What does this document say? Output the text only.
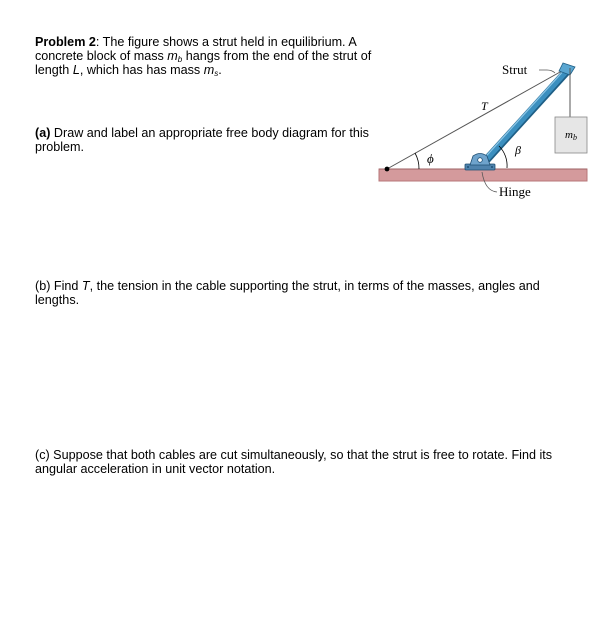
Problem 2: The figure shows a strut held in equilibrium. A concrete block of mass $m_b$ hangs from the end of the strut of length L, which has has mass $m_s$.
(a) Draw and label an appropriate free body diagram for this problem.
(b) Find T, the tension in the cable supporting the strut, in terms of the masses, angles and lengths.
(c) Suppose that both cables are cut simultaneously, so that the strut is free to rotate. Find its angular acceleration in unit vector notation.
mb
Strut
T
ϕ
β
Hinge
